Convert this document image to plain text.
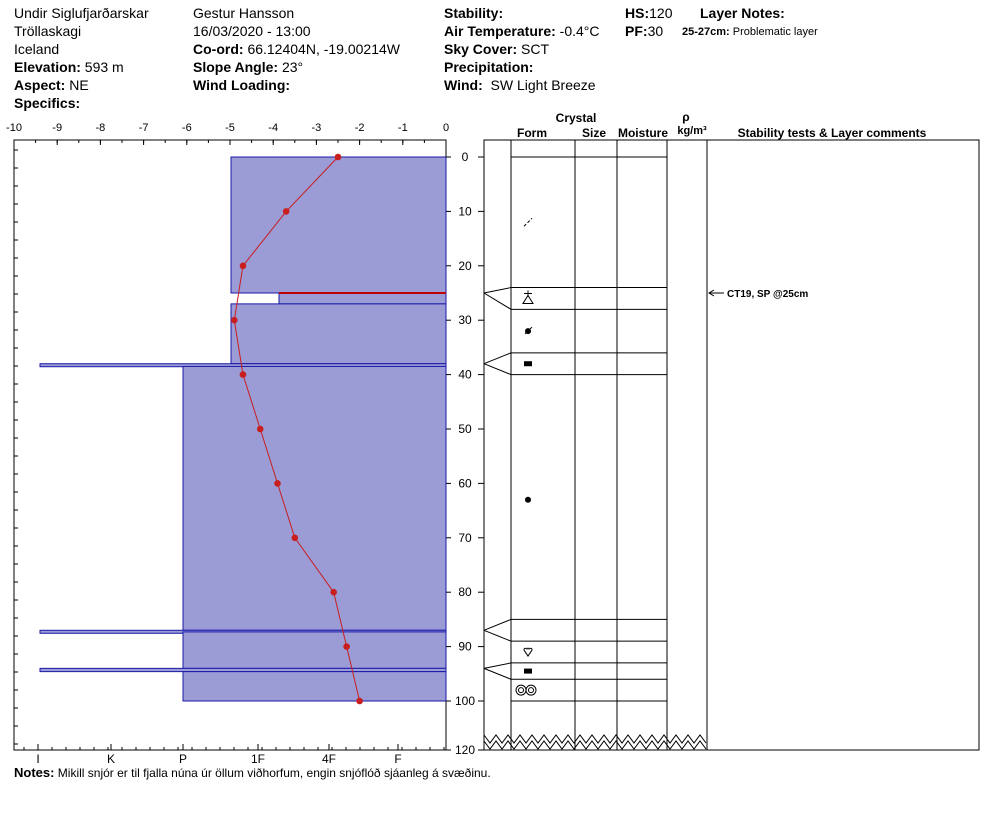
Undir Siglufjarðarskar
Tröllaskagi
Iceland
Elevation: 593 m
Aspect: NE
Specifics:
Gestur Hansson
16/03/2020 - 13:00
Co-ord: 66.12404N, -19.00214W
Slope Angle: 23°
Wind Loading:
Stability:
Air Temperature: -0.4°C
Sky Cover: SCT
Precipitation:
Wind: SW Light Breeze
HS:120
PF:30
Layer Notes:
25-27cm: Problematic layer
-10	-9	-8	-7	-6	-5	-4	-3	-2	-1	0
I	K	P	1F	4F	F
0
10
20
30
40
50
60
70
80
90
100
120
Crystal
Form	Size Moisture
ρ
kg/m³	Stability tests & Layer comments
CT19, SP @25cm
Notes: Mikill snjór er til fjalla núna úr öllum viðhorfum, engin snjóflóð sjáanleg á svæðinu.
